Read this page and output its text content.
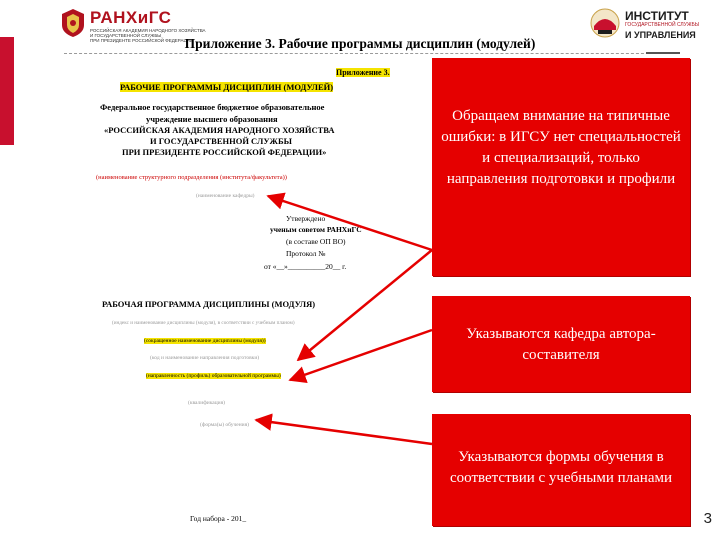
РАНХиГС
РОССИЙСКАЯ АКАДЕМИЯ НАРОДНОГО ХОЗЯЙСТВА
И ГОСУДАРСТВЕННОЙ СЛУЖБЫ
ПРИ ПРЕЗИДЕНТЕ РОССИЙСКОЙ ФЕДЕРАЦИИ
ИНСТИТУТ
ГОСУДАРСТВЕННОЙ СЛУЖБЫ
И УПРАВЛЕНИЯ
Приложение 3. Рабочие программы дисциплин (модулей)
Приложение 3.
РАБОЧИЕ ПРОГРАММЫ ДИСЦИПЛИН (МОДУЛЕЙ)
Федеральное государственное бюджетное образовательное
учреждение высшего образования
«РОССИЙСКАЯ АКАДЕМИЯ НАРОДНОГО ХОЗЯЙСТВА
И ГОСУДАРСТВЕННОЙ СЛУЖБЫ
ПРИ ПРЕЗИДЕНТЕ РОССИЙСКОЙ ФЕДЕРАЦИИ»
(наименование структурного подразделения (института/факультета))
(наименование кафедры)
Утверждено
ученым советом РАНХиГС
(в составе ОП ВО)
Протокол №
от «__»__________20__ г.
РАБОЧАЯ ПРОГРАММА ДИСЦИПЛИНЫ (МОДУЛЯ)
(индекс и наименование дисциплины (модуля), в соответствии с учебным планом)
(сокращенное наименование дисциплины (модуля))
(код и наименование направления подготовки)
(направленность (профиль) образовательной программы)
(квалификация)
(форма(ы) обучения)
Год набора - 201_
Обращаем внимание на типичные ошибки: в ИГСУ нет специальностей и специализаций, только направления подготовки и профили
Указываются кафедра автора-составителя
Указываются формы обучения в соответствии с учебными планами
3
